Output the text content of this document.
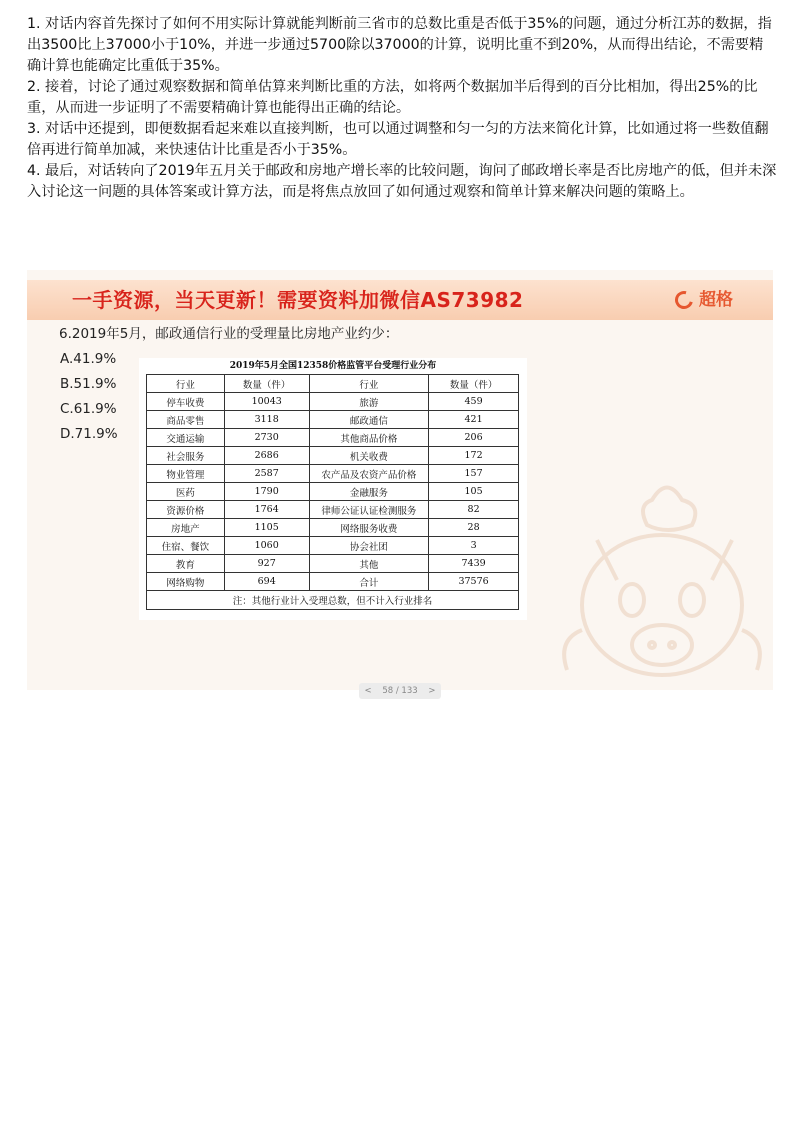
1. 对话内容首先探讨了如何不用实际计算就能判断前三省市的总数比重是否低于35%的问题，通过分析江苏的数据，指出3500比上37000小于10%，并进一步通过5700除以37000的计算，说明比重不到20%，从而得出结论，不需要精确计算也能确定比重低于35%。

2. 接着，讨论了通过观察数据和简单估算来判断比重的方法，如将两个数据加半后得到的百分比相加，得出25%的比重，从而进一步证明了不需要精确计算也能得出正确的结论。

3. 对话中还提到，即便数据看起来难以直接判断，也可以通过调整和匀一匀的方法来简化计算，比如通过将一些数值翻倍再进行简单加减，来快速估计比重是否小于35%。

4. 最后，对话转向了2019年五月关于邮政和房地产增长率的比较问题，询问了邮政增长率是否比房地产的低，但并未深入讨论这一问题的具体答案或计算方法，而是将焦点放回了如何通过观察和简单计算来解决问题的策略上。

一手资源，当天更新！需要资料加微信AS73982	超格
6.2019年5月，邮政通信行业的受理量比房地产业约少：
A.41.9%
B.51.9%
C.61.9%
D.71.9%
2019年5月全国12358价格监管平台受理行业分布
行业	数量（件）	行业	数量（件）
停车收费	10043	旅游	459
商品零售	3118	邮政通信	421
交通运输	2730	其他商品价格	206
社会服务	2686	机关收费	172
物业管理	2587	农产品及农资产品价格	157
医药	1790	金融服务	105
资源价格	1764	律师公证认证检测服务	82
房地产	1105	网络服务收费	28
住宿、餐饮	1060	协会社团	3
教育	927	其他	7439
网络购物	694	合计	37576
注：其他行业计入受理总数，但不计入行业排名			
< 58 / 133 >
